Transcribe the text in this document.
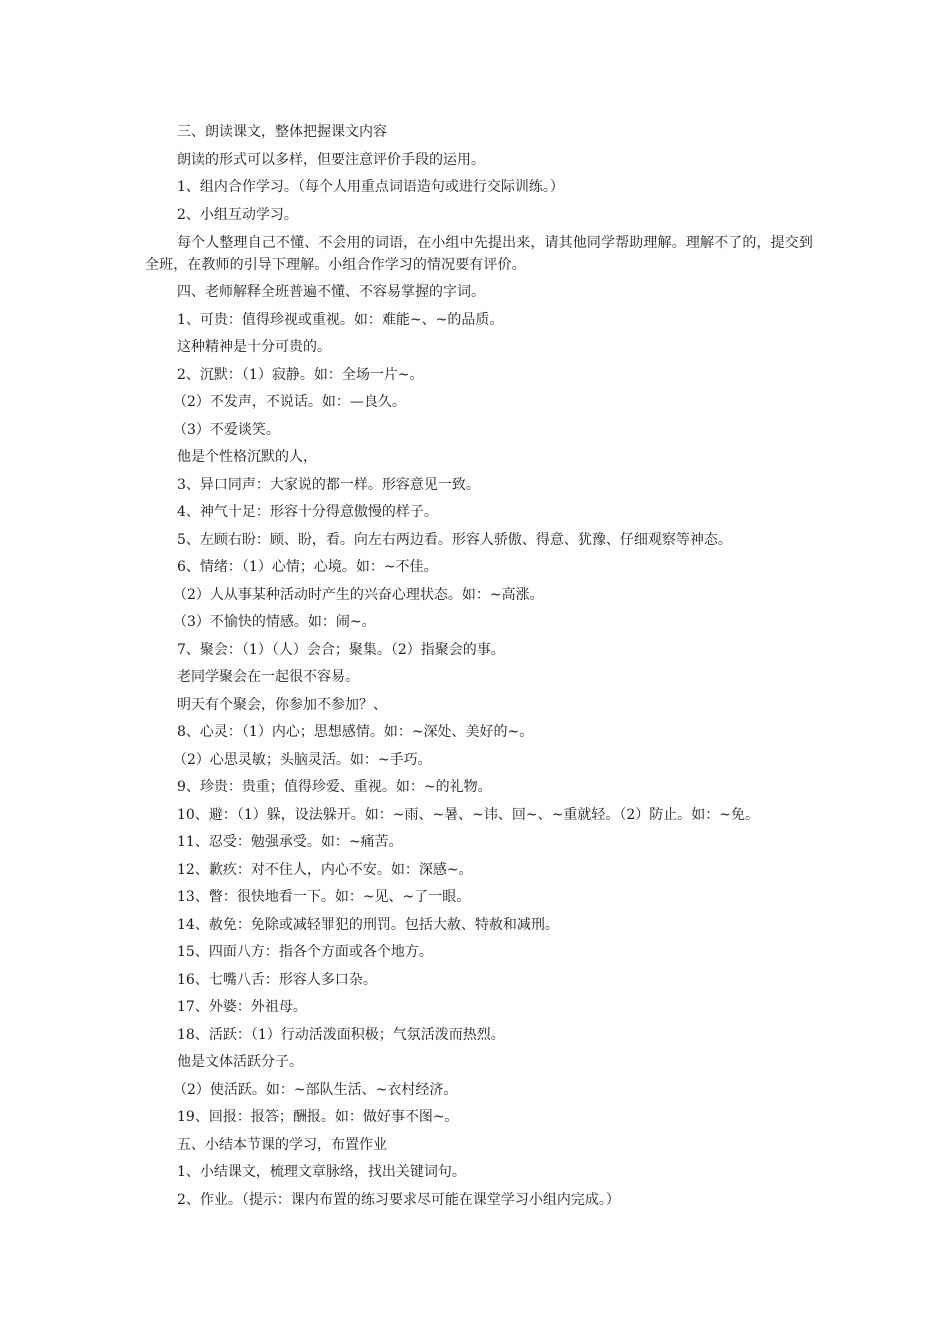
三、朗读课文，整体把握课文内容
朗读的形式可以多样，但要注意评价手段的运用。
1、组内合作学习。（每个人用重点词语造句或进行交际训练。）
2、小组互动学习。

每个人整理自己不懂、不会用的词语，在小组中先提出来，请其他同学帮助理解。理解不了的，提交到全班，在教师的引导下理解。小组合作学习的情况要有评价。

四、老师解释全班普遍不懂、不容易掌握的字词。
1、可贵：值得珍视或重视。如：难能~、~的品质。
这种精神是十分可贵的。
2、沉默：（1）寂静。如：全场一片~。
（2）不发声，不说话。如：—良久。
（3）不爱谈笑。
他是个性格沉默的人，
3、异口同声：大家说的都一样。形容意见一致。
4、神气十足：形容十分得意傲慢的样子。
5、左顾右盼：顾、盼，看。向左右两边看。形容人骄傲、得意、犹豫、仔细观察等神态。
6、情绪：（1）心情；心境。如：~不佳。
（2）人从事某种活动时产生的兴奋心理状态。如：~高涨。
（3）不愉快的情感。如：闹~。
7、聚会：（1）（人）会合；聚集。（2）指聚会的事。
老同学聚会在一起很不容易。
明天有个聚会，你参加不参加？、
8、心灵：（1）内心；思想感情。如：~深处、美好的~。
（2）心思灵敏；头脑灵活。如：~手巧。
9、珍贵：贵重；值得珍爱、重视。如：~的礼物。
10、避：（1）躲，设法躲开。如：~雨、~暑、~讳、回~、~重就轻。（2）防止。如：~免。
11、忍受：勉强承受。如：~痛苦。
12、歉疚：对不住人，内心不安。如：深感~。
13、瞥：很快地看一下。如：~见、~了一眼。
14、赦免：免除或减轻罪犯的刑罚。包括大赦、特赦和减刑。
15、四面八方：指各个方面或各个地方。
16、七嘴八舌：形容人多口杂。
17、外婆：外祖母。
18、活跃：（1）行动活泼面积极；气氛活泼而热烈。
他是文体活跃分子。
（2）使活跃。如：~部队生活、~衣村经济。
19、回报：报答；酬报。如：做好事不图~。
五、小结本节课的学习，布置作业
1、小结课文，梳理文章脉络，找出关键词句。
2、作业。（提示：课内布置的练习要求尽可能在课堂学习小组内完成。）
